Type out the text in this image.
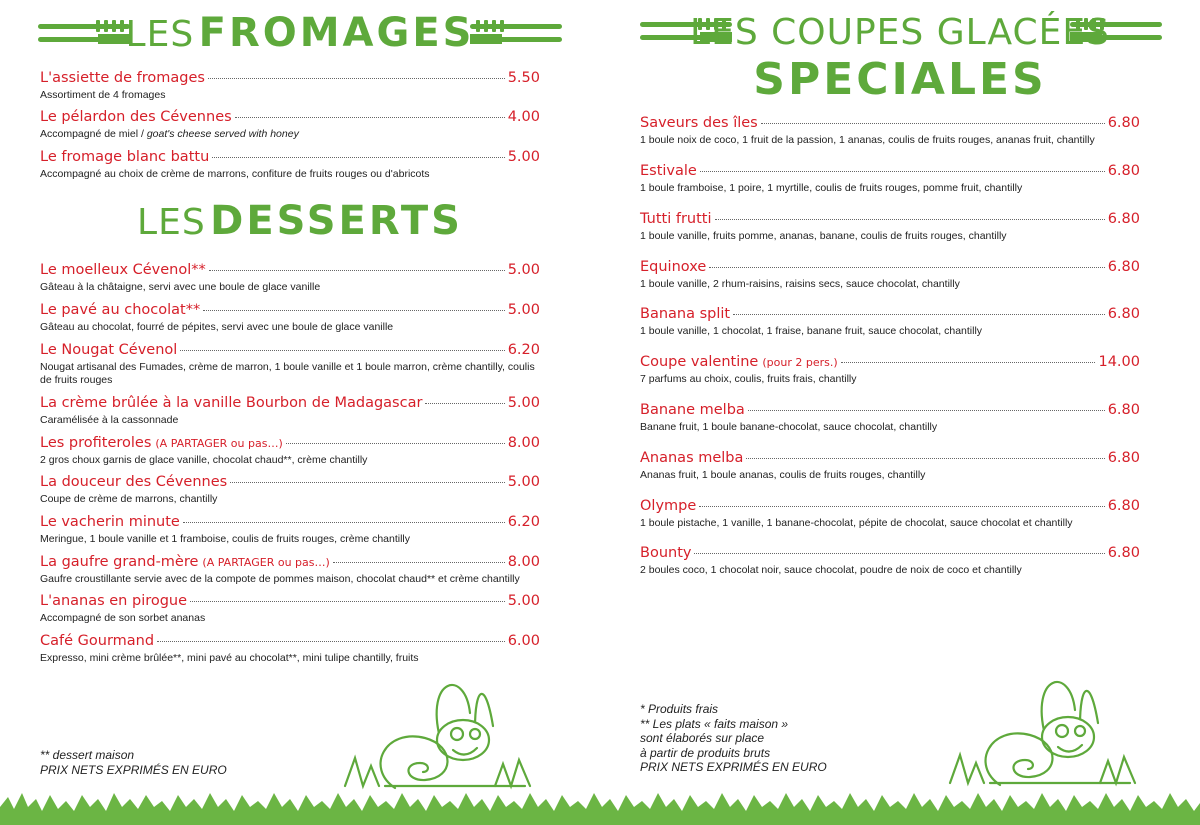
LES FROMAGES
L'assiette de fromages	5.50
Assortiment de 4 fromages
Le pélardon des Cévennes	4.00
Accompagné de miel / goat's cheese served with honey
Le fromage blanc battu	5.00
Accompagné au choix de crème de marrons, confiture de fruits rouges ou d'abricots
LES DESSERTS
Le moelleux Cévenol**	5.00
Gâteau à la châtaigne, servi avec une boule de glace vanille
Le pavé au chocolat**	5.00
Gâteau au chocolat, fourré de pépites, servi avec une boule de glace vanille
Le Nougat Cévenol	6.20
Nougat artisanal des Fumades, crème de marron, 1 boule vanille et 1 boule marron, crème chantilly, coulis de fruits rouges
La crème brûlée à la vanille Bourbon de Madagascar	5.00
Caramélisée à la cassonnade
Les profiteroles (A PARTAGER ou pas…)	8.00
2 gros choux garnis de glace vanille, chocolat chaud**, crème chantilly
La douceur des Cévennes	5.00
Coupe de crème de marrons, chantilly
Le vacherin minute	6.20
Meringue, 1 boule vanille et 1 framboise, coulis de fruits rouges, crème chantilly
La gaufre grand-mère (A PARTAGER ou pas…)	8.00
Gaufre croustillante servie avec de la compote de pommes maison, chocolat chaud** et crème chantilly
L'ananas en pirogue	5.00
Accompagné de son sorbet ananas
Café Gourmand	6.00
Expresso, mini crème brûlée**, mini pavé au chocolat**, mini tulipe chantilly, fruits
** dessert maison
PRIX NETS EXPRIMÉS EN EURO
LES COUPES GLACÉES
SPECIALES
Saveurs des îles	6.80
1 boule noix de coco, 1 fruit de la passion, 1 ananas, coulis de fruits rouges, ananas fruit, chantilly
Estivale	6.80
1 boule framboise, 1 poire, 1 myrtille, coulis de fruits rouges, pomme fruit, chantilly
Tutti frutti	6.80
1 boule vanille, fruits pomme, ananas, banane, coulis de fruits rouges, chantilly
Equinoxe	6.80
1 boule vanille, 2 rhum-raisins, raisins secs, sauce chocolat, chantilly
Banana split	6.80
1 boule vanille, 1 chocolat, 1 fraise, banane fruit, sauce chocolat, chantilly
Coupe valentine (pour 2 pers.)	14.00
7 parfums au choix, coulis, fruits frais, chantilly
Banane melba	6.80
Banane fruit, 1 boule banane-chocolat, sauce chocolat, chantilly
Ananas melba	6.80
Ananas fruit, 1 boule ananas, coulis de fruits rouges, chantilly
Olympe	6.80
1 boule pistache, 1 vanille, 1 banane-chocolat, pépite de chocolat, sauce chocolat et chantilly
Bounty	6.80
2 boules coco, 1 chocolat noir, sauce chocolat, poudre de noix de coco et chantilly
* Produits frais
** Les plats « faits maison »
sont élaborés sur place
à partir de produits bruts
PRIX NETS EXPRIMÉS EN EURO
